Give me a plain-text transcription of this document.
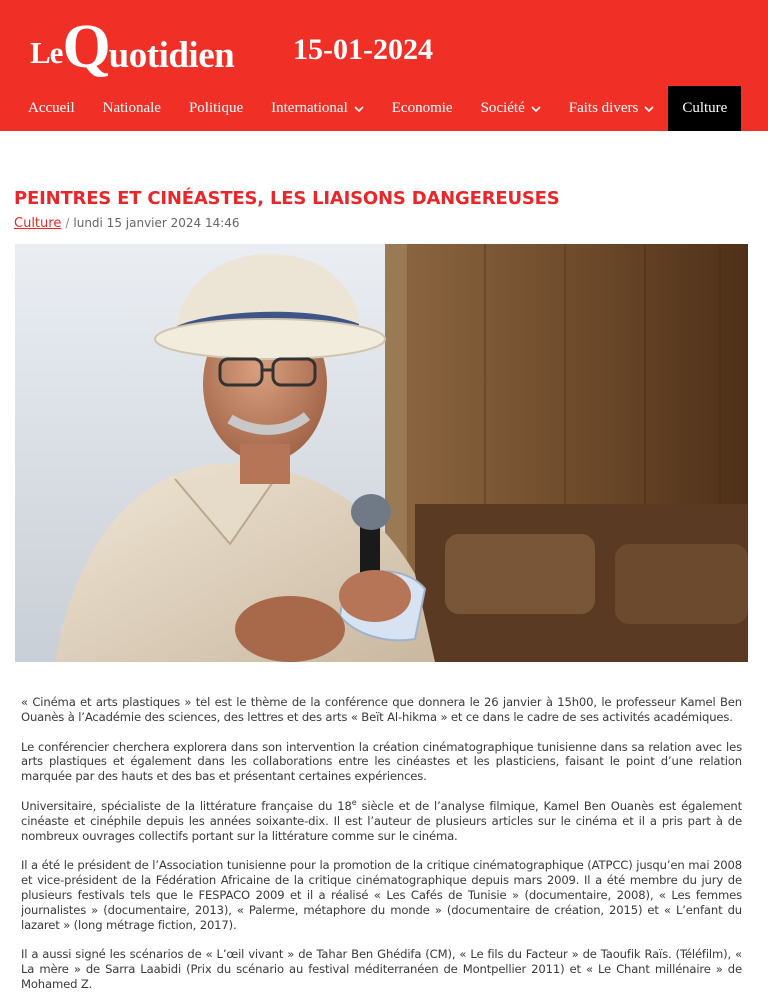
LeQuotidien 15-01-2024
Accueil Nationale Politique International	Economie Société	Faits divers	Culture
PEINTRES ET CINÉASTES, LES LIAISONS DANGEREUSES
Culture / lundi 15 janvier 2024 14:46

« Cinéma et arts plastiques » tel est le thème de la conférence que donnera le 26 janvier à 15h00, le professeur Kamel Ben Ouanès à l’Académie des sciences, des lettres et des arts « Beït Al-hikma » et ce dans le cadre de ses activités académiques.

Le conférencier cherchera explorera dans son intervention la création cinématographique tunisienne dans sa relation avec les arts plastiques et également dans les collaborations entre les cinéastes et les plasticiens, faisant le point d’une relation marquée par des hauts et des bas et présentant certaines expériences.

Universitaire, spécialiste de la littérature française du 18e siècle et de l’analyse filmique, Kamel Ben Ouanès est également cinéaste et cinéphile depuis les années soixante-dix. Il est l’auteur de plusieurs articles sur le cinéma et il a pris part à de nombreux ouvrages collectifs portant sur la littérature comme sur le cinéma.

Il a été le président de l’Association tunisienne pour la promotion de la critique cinématographique (ATPCC) jusqu’en mai 2008 et vice-président de la Fédération Africaine de la critique cinématographique depuis mars 2009. Il a été membre du jury de plusieurs festivals tels que le FESPACO 2009 et il a réalisé « Les Cafés de Tunisie » (documentaire, 2008), « Les femmes journalistes » (documentaire, 2013), « Palerme, métaphore du monde » (documentaire de création, 2015) et « L’enfant du lazaret » (long métrage fiction, 2017).

Il a aussi signé les scénarios de « L’œil vivant » de Tahar Ben Ghédifa (CM), « Le fils du Facteur » de Taoufik Raïs. (Téléfilm), « La mère » de Sarra Laabidi (Prix du scénario au festival méditerranéen de Montpellier 2011) et « Le Chant millénaire » de Mohamed Z.
